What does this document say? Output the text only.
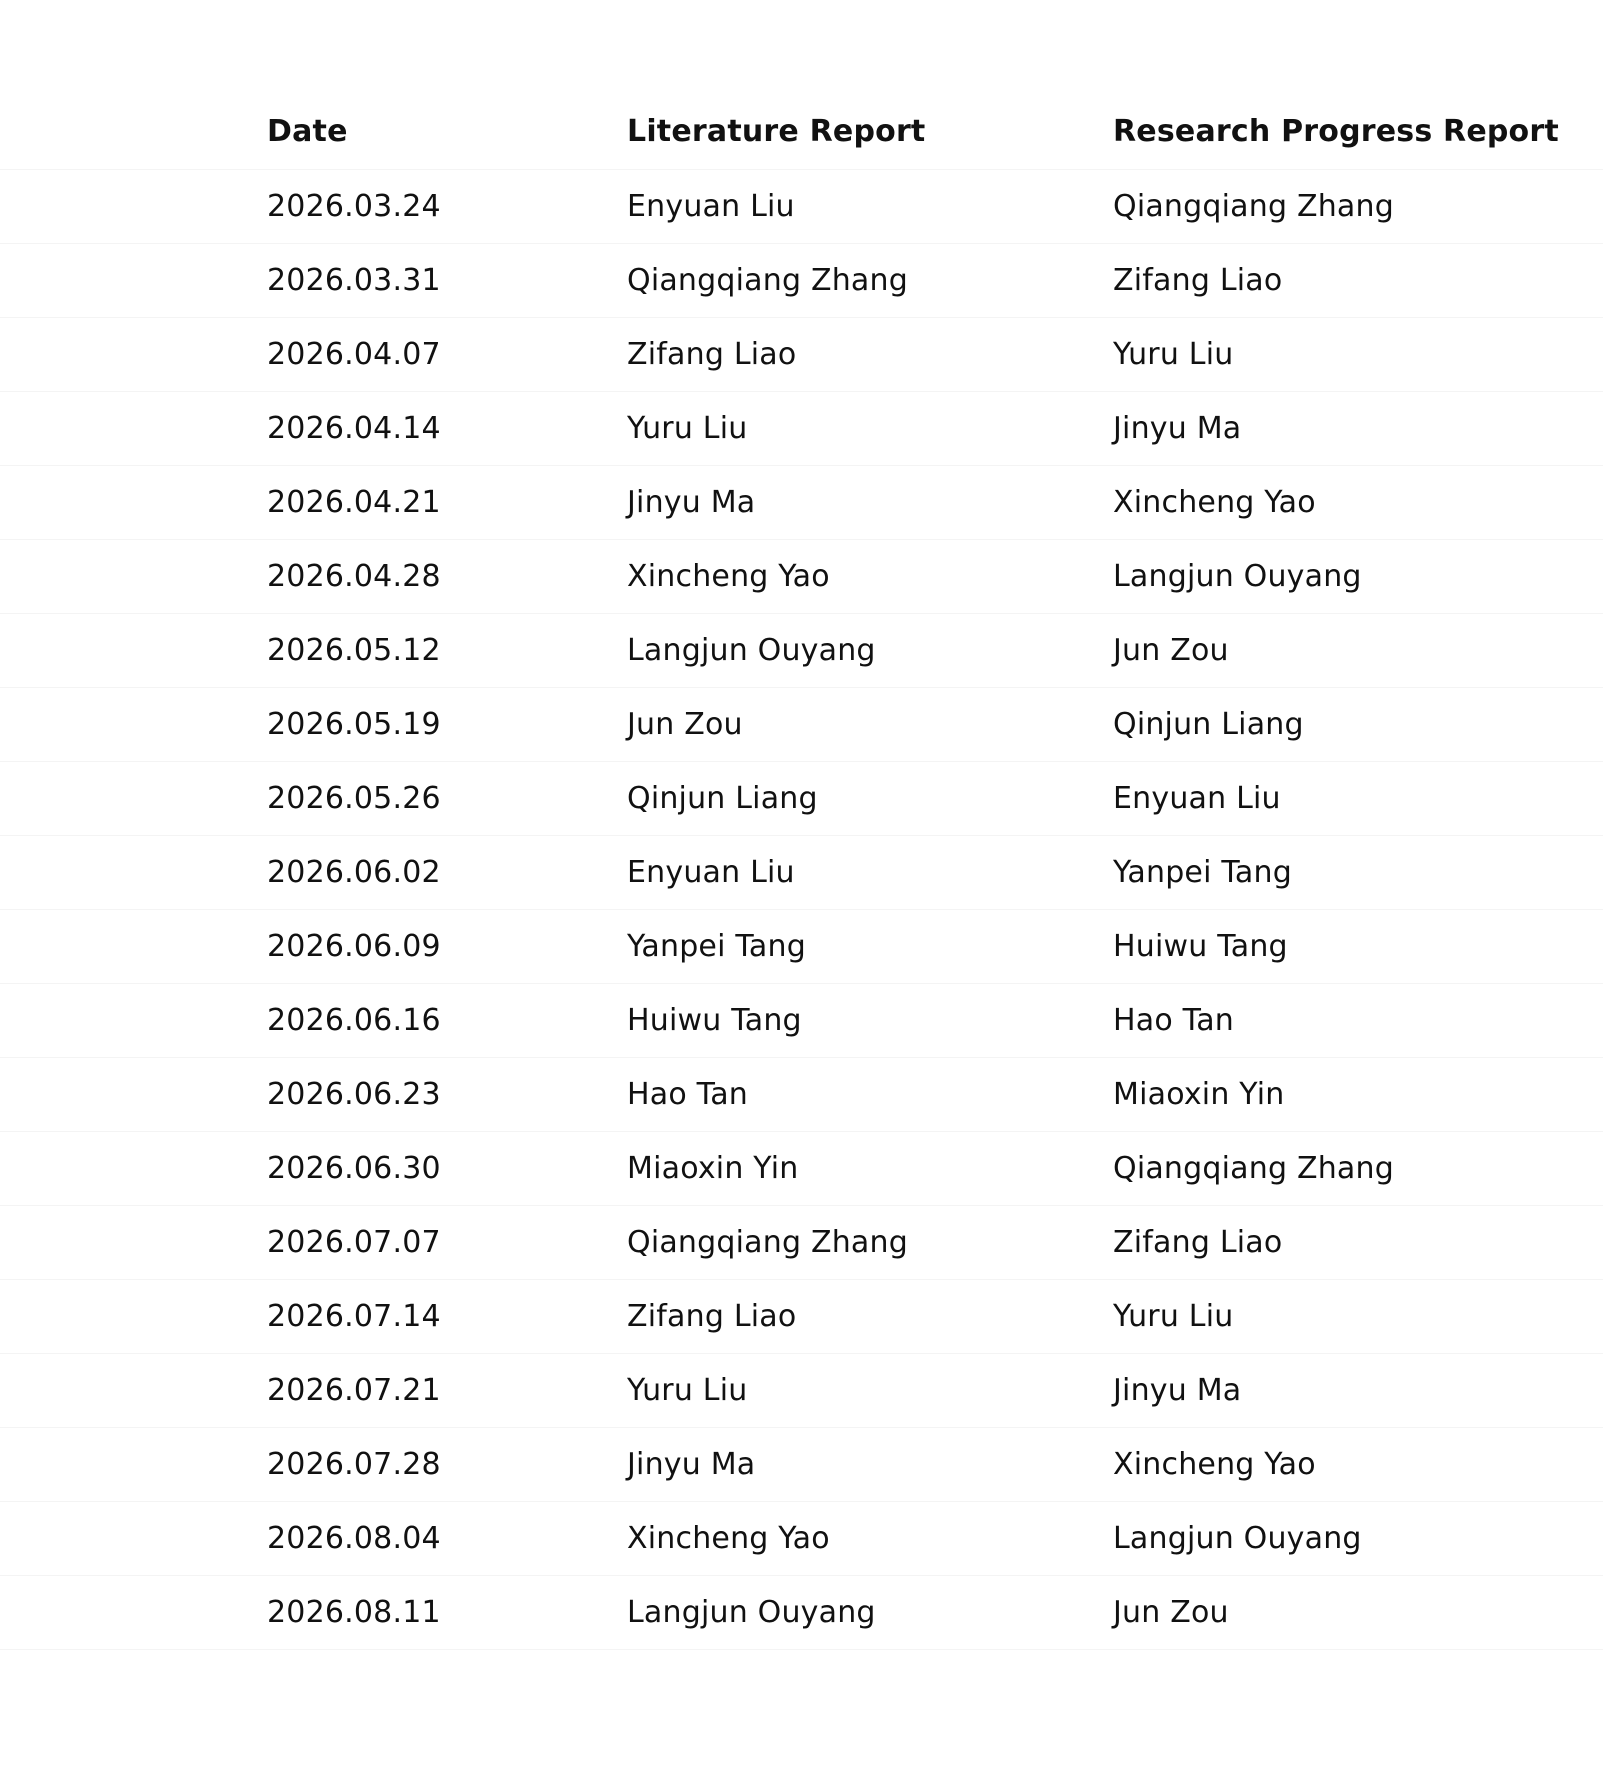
Date	Literature Report	Research Progress Report
2026.03.24	Enyuan Liu	Qiangqiang Zhang
2026.03.31	Qiangqiang Zhang	Zifang Liao
2026.04.07	Zifang Liao	Yuru Liu
2026.04.14	Yuru Liu	Jinyu Ma
2026.04.21	Jinyu Ma	Xincheng Yao
2026.04.28	Xincheng Yao	Langjun Ouyang
2026.05.12	Langjun Ouyang	Jun Zou
2026.05.19	Jun Zou	Qinjun Liang
2026.05.26	Qinjun Liang	Enyuan Liu
2026.06.02	Enyuan Liu	Yanpei Tang
2026.06.09	Yanpei Tang	Huiwu Tang
2026.06.16	Huiwu Tang	Hao Tan
2026.06.23	Hao Tan	Miaoxin Yin
2026.06.30	Miaoxin Yin	Qiangqiang Zhang
2026.07.07	Qiangqiang Zhang	Zifang Liao
2026.07.14	Zifang Liao	Yuru Liu
2026.07.21	Yuru Liu	Jinyu Ma
2026.07.28	Jinyu Ma	Xincheng Yao
2026.08.04	Xincheng Yao	Langjun Ouyang
2026.08.11	Langjun Ouyang	Jun Zou
